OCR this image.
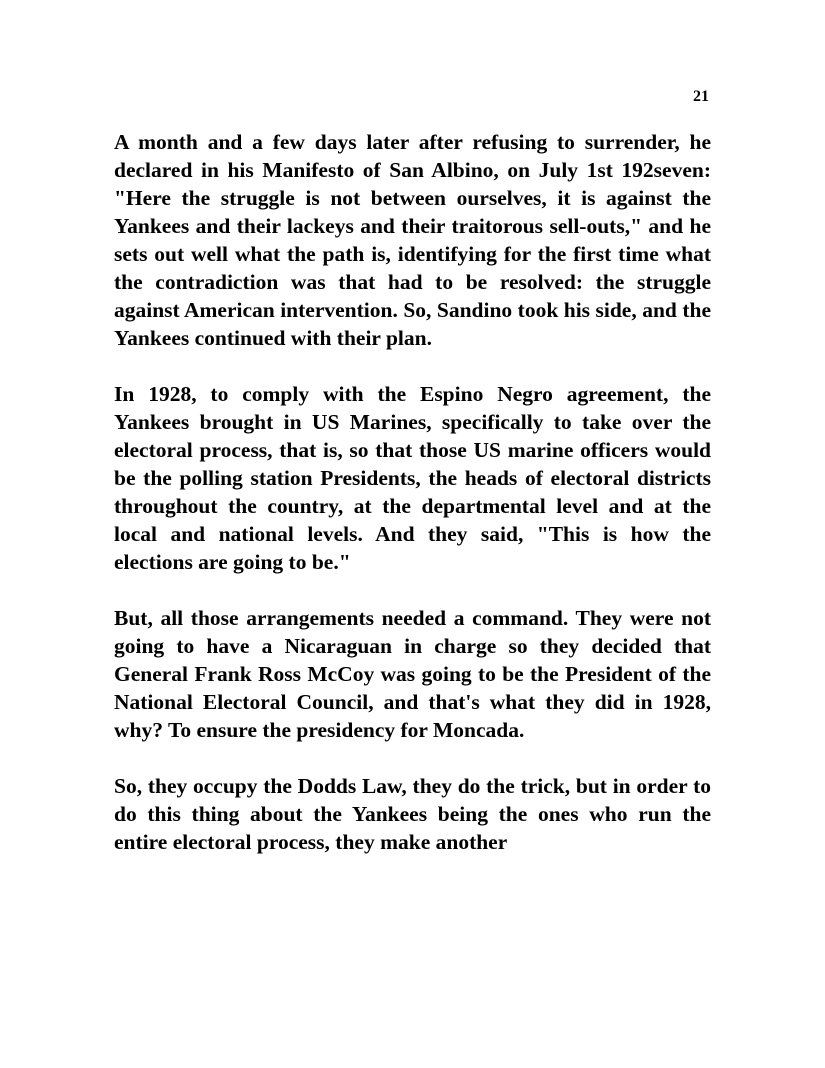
21

A month and a few days later after refusing to surrender, he declared in his Manifesto of San Albino, on July 1st 192seven: "Here the struggle is not between ourselves, it is against the Yankees and their lackeys and their traitorous sell-outs," and he sets out well what the path is, identifying for the first time what the contradiction was that had to be resolved: the struggle against American intervention. So, Sandino took his side, and the Yankees continued with their plan.

In 1928, to comply with the Espino Negro agreement, the Yankees brought in US Marines, specifically to take over the electoral process, that is, so that those US marine officers would be the polling station Presidents, the heads of electoral districts throughout the country, at the departmental level and at the local and national levels. And they said, "This is how the elections are going to be."

But, all those arrangements needed a command. They were not going to have a Nicaraguan in charge so they decided that General Frank Ross McCoy was going to be the President of the National Electoral Council, and that's what they did in 1928, why? To ensure the presidency for Moncada.

So, they occupy the Dodds Law, they do the trick, but in order to do this thing about the Yankees being the ones who run the entire electoral process, they make another
